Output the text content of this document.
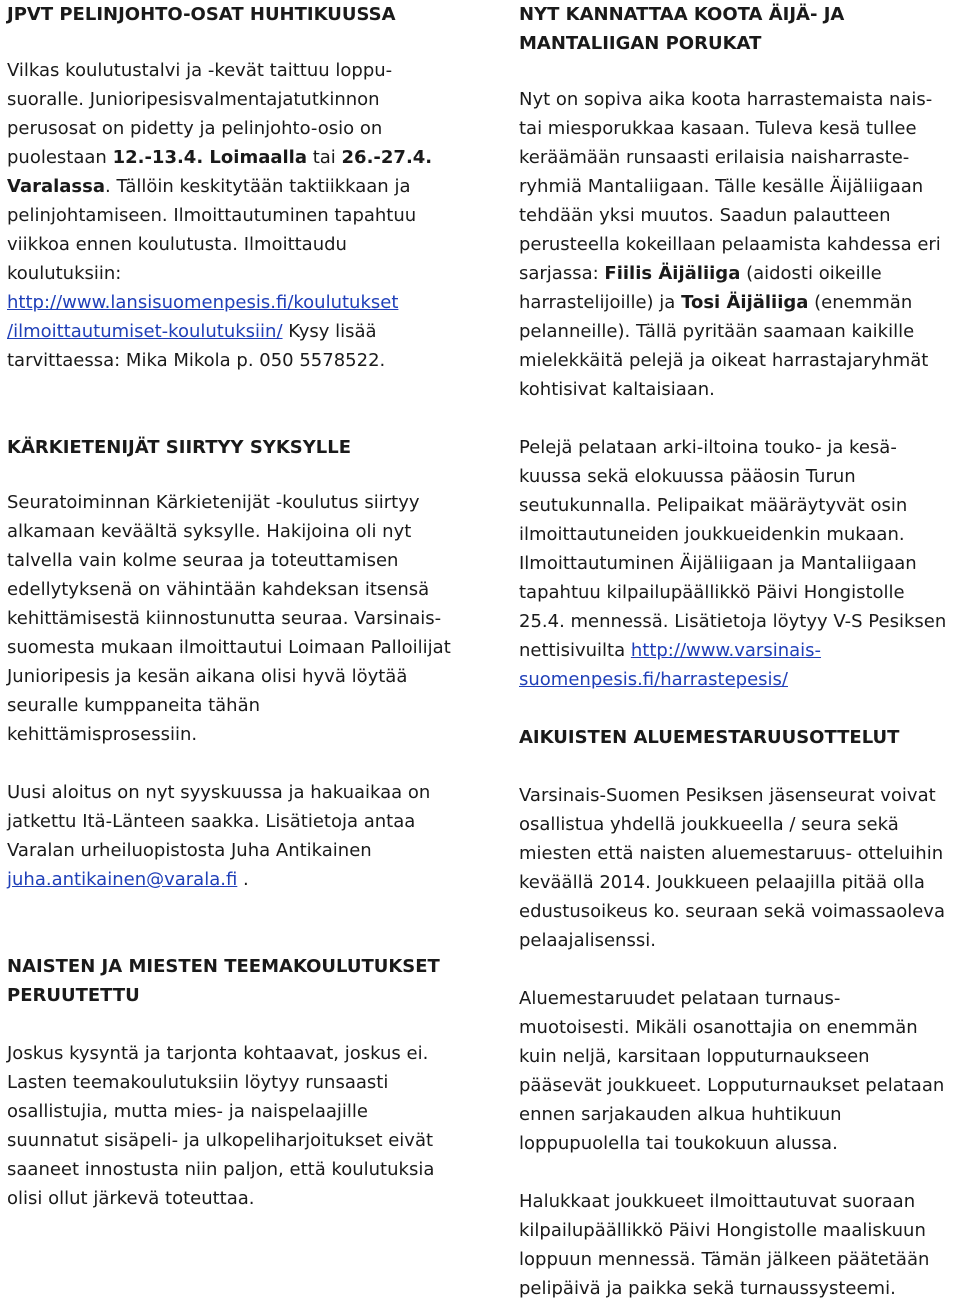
JPVT PELINJOHTO-OSAT HUHTIKUUSSA

Vilkas koulutustalvi ja -kevät taittuu loppu- suoralle. Junioripesisvalmentajatutkinnon perusosat on pidetty ja pelinjohto-osio on puolestaan 12.-13.4. Loimaalla tai 26.-27.4. Varalassa. Tällöin keskitytään taktiikkaan ja pelinjohtamiseen. Ilmoittautuminen tapahtuu viikkoa ennen koulutusta. Ilmoittaudu koulutuksiin: http://www.lansisuomenpesis.fi/koulutukset /ilmoittautumiset-koulutuksiin/ Kysy lisää tarvittaessa: Mika Mikola p. 050 5578522.

KÄRKIETENIJÄT SIIRTYY SYKSYLLE

Seuratoiminnan Kärkietenijät -koulutus siirtyy alkamaan keväältä syksylle. Hakijoina oli nyt talvella vain kolme seuraa ja toteuttamisen edellytyksenä on vähintään kahdeksan itsensä kehittämisestä kiinnostunutta seuraa. Varsinais-suomesta mukaan ilmoittautui Loimaan Palloilijat Junioripesis ja kesän aikana olisi hyvä löytää seuralle kumppaneita tähän kehittämisprosessiin.

Uusi aloitus on nyt syyskuussa ja hakuaikaa on jatkettu Itä-Länteen saakka. Lisätietoja antaa Varalan urheiluopistosta Juha Antikainen juha.antikainen@varala.fi .

NAISTEN JA MIESTEN TEEMAKOULUTUKSET PERUUTETTU

Joskus kysyntä ja tarjonta kohtaavat, joskus ei. Lasten teemakoulutuksiin löytyy runsaasti osallistujia, mutta mies- ja naispelaajille suunnatut sisäpeli- ja ulkopeliharjoitukset eivät saaneet innostusta niin paljon, että koulutuksia olisi ollut järkevä toteuttaa.

NYT KANNATTAA KOOTA ÄIJÄ- JA MANTALIIGAN PORUKAT

Nyt on sopiva aika koota harrastemaista nais- tai miesporukkaa kasaan. Tuleva kesä tullee keräämään runsaasti erilaisia naisharraste- ryhmiä Mantaliigaan. Tälle kesälle Äijäliigaan tehdään yksi muutos. Saadun palautteen perusteella kokeillaan pelaamista kahdessa eri sarjassa: Fiilis Äijäliiga (aidosti oikeille harrastelijoille) ja Tosi Äijäliiga (enemmän pelanneille). Tällä pyritään saamaan kaikille mielekkäitä pelejä ja oikeat harrastajaryhmät kohtisivat kaltaisiaan.

Pelejä pelataan arki-iltoina touko- ja kesä- kuussa sekä elokuussa pääosin Turun seutukunnalla. Pelipaikat määräytyvät osin ilmoittautuneiden joukkueidenkin mukaan. Ilmoittautuminen Äijäliigaan ja Mantaliigaan tapahtuu kilpailupäällikkö Päivi Hongistolle 25.4. mennessä. Lisätietoja löytyy V-S Pesiksen nettisivuilta http://www.varsinais-suomenpesis.fi/harrastepesis/

AIKUISTEN ALUEMESTARUUSOTTELUT

Varsinais-Suomen Pesiksen jäsenseurat voivat osallistua yhdellä joukkueella / seura sekä miesten että naisten aluemestaruus- otteluihin keväällä 2014. Joukkueen pelaajilla pitää olla edustusoikeus ko. seuraan sekä voimassaoleva pelaajalisenssi.

Aluemestaruudet pelataan turnaus- muotoisesti. Mikäli osanottajia on enemmän kuin neljä, karsitaan lopputurnaukseen pääsevät joukkueet. Lopputurnaukset pelataan ennen sarjakauden alkua huhtikuun loppupuolella tai toukokuun alussa.

Halukkaat joukkueet ilmoittautuvat suoraan kilpailupäällikkö Päivi Hongistolle maaliskuun loppuun mennessä. Tämän jälkeen päätetään pelipäivä ja paikka sekä turnaussysteemi.
